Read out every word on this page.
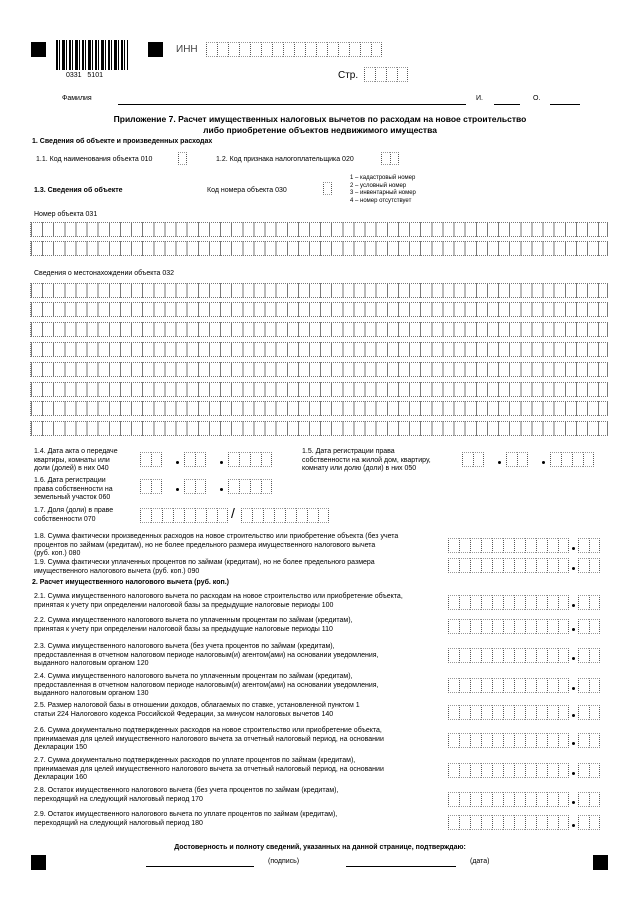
0331   5101
ИНН
Стр.
Фамилия	И.	О.
Приложение 7. Расчет имущественных налоговых вычетов по расходам на новое строительство
либо приобретение объектов недвижимого имущества
1. Сведения об объекте и произведенных расходах
1.1. Код наименования объекта 010	1.2. Код признака налогоплательщика 020
1.3. Сведения об объекте	Код номера объекта 030
1 – кадастровый номер
2 – условный номер
3 – инвентарный номер
4 – номер отсутствует
Номер объекта 031
Сведения о местонахождении объекта 032
1.4. Дата акта о передаче
квартиры, комнаты или
доли (долей) в них 040
1.5. Дата регистрации права
собственности на жилой дом, квартиру,
комнату или долю (доли) в них 050
1.6. Дата регистрации
права собственности на
земельный участок 060
1.7. Доля (доли) в праве
собственности 070	/
1.8. Сумма фактически произведенных расходов на новое строительство или приобретение объекта (без учета
процентов по займам (кредитам), но не более предельного размера имущественного налогового вычета
(руб. коп.) 080
1.9. Сумма фактически уплаченных процентов по займам (кредитам), но не более предельного размера
имущественного налогового вычета (руб. коп.) 090
2. Расчет имущественного налогового вычета (руб. коп.)
2.1. Сумма имущественного налогового вычета по расходам на новое строительство или приобретение объекта,
принятая к учету при определении налоговой базы за предыдущие налоговые периоды 100
2.2. Сумма имущественного налогового вычета по уплаченным процентам по займам (кредитам),
принятая к учету при определении налоговой базы за предыдущие налоговые периоды 110
2.3. Сумма имущественного налогового вычета (без учета процентов по займам (кредитам),
предоставленная в отчетном налоговом периоде налоговым(и) агентом(ами) на основании уведомления,
выданного налоговым органом 120
2.4. Сумма имущественного налогового вычета по уплаченным процентам по займам (кредитам),
предоставленная в отчетном налоговом периоде налоговым(и) агентом(ами) на основании уведомления,
выданного налоговым органом 130
2.5. Размер налоговой базы в отношении доходов, облагаемых по ставке, установленной пунктом 1
статьи 224 Налогового кодекса Российской Федерации, за минусом налоговых вычетов 140
2.6. Сумма документально подтвержденных расходов на новое строительство или приобретение объекта,
принимаемая для целей имущественного налогового вычета за отчетный налоговый период, на основании
Декларации 150
2.7. Сумма документально подтвержденных расходов по уплате процентов по займам (кредитам),
принимаемая для целей имущественного налогового вычета за отчетный налоговый период, на основании
Декларации 160
2.8. Остаток имущественного налогового вычета (без учета процентов по займам (кредитам),
переходящий на следующий налоговый период 170
2.9. Остаток имущественного налогового вычета по уплате процентов по займам (кредитам),
переходящий на следующий налоговый период 180
Достоверность и полноту сведений, указанных на данной странице, подтверждаю:
(подпись)	(дата)
